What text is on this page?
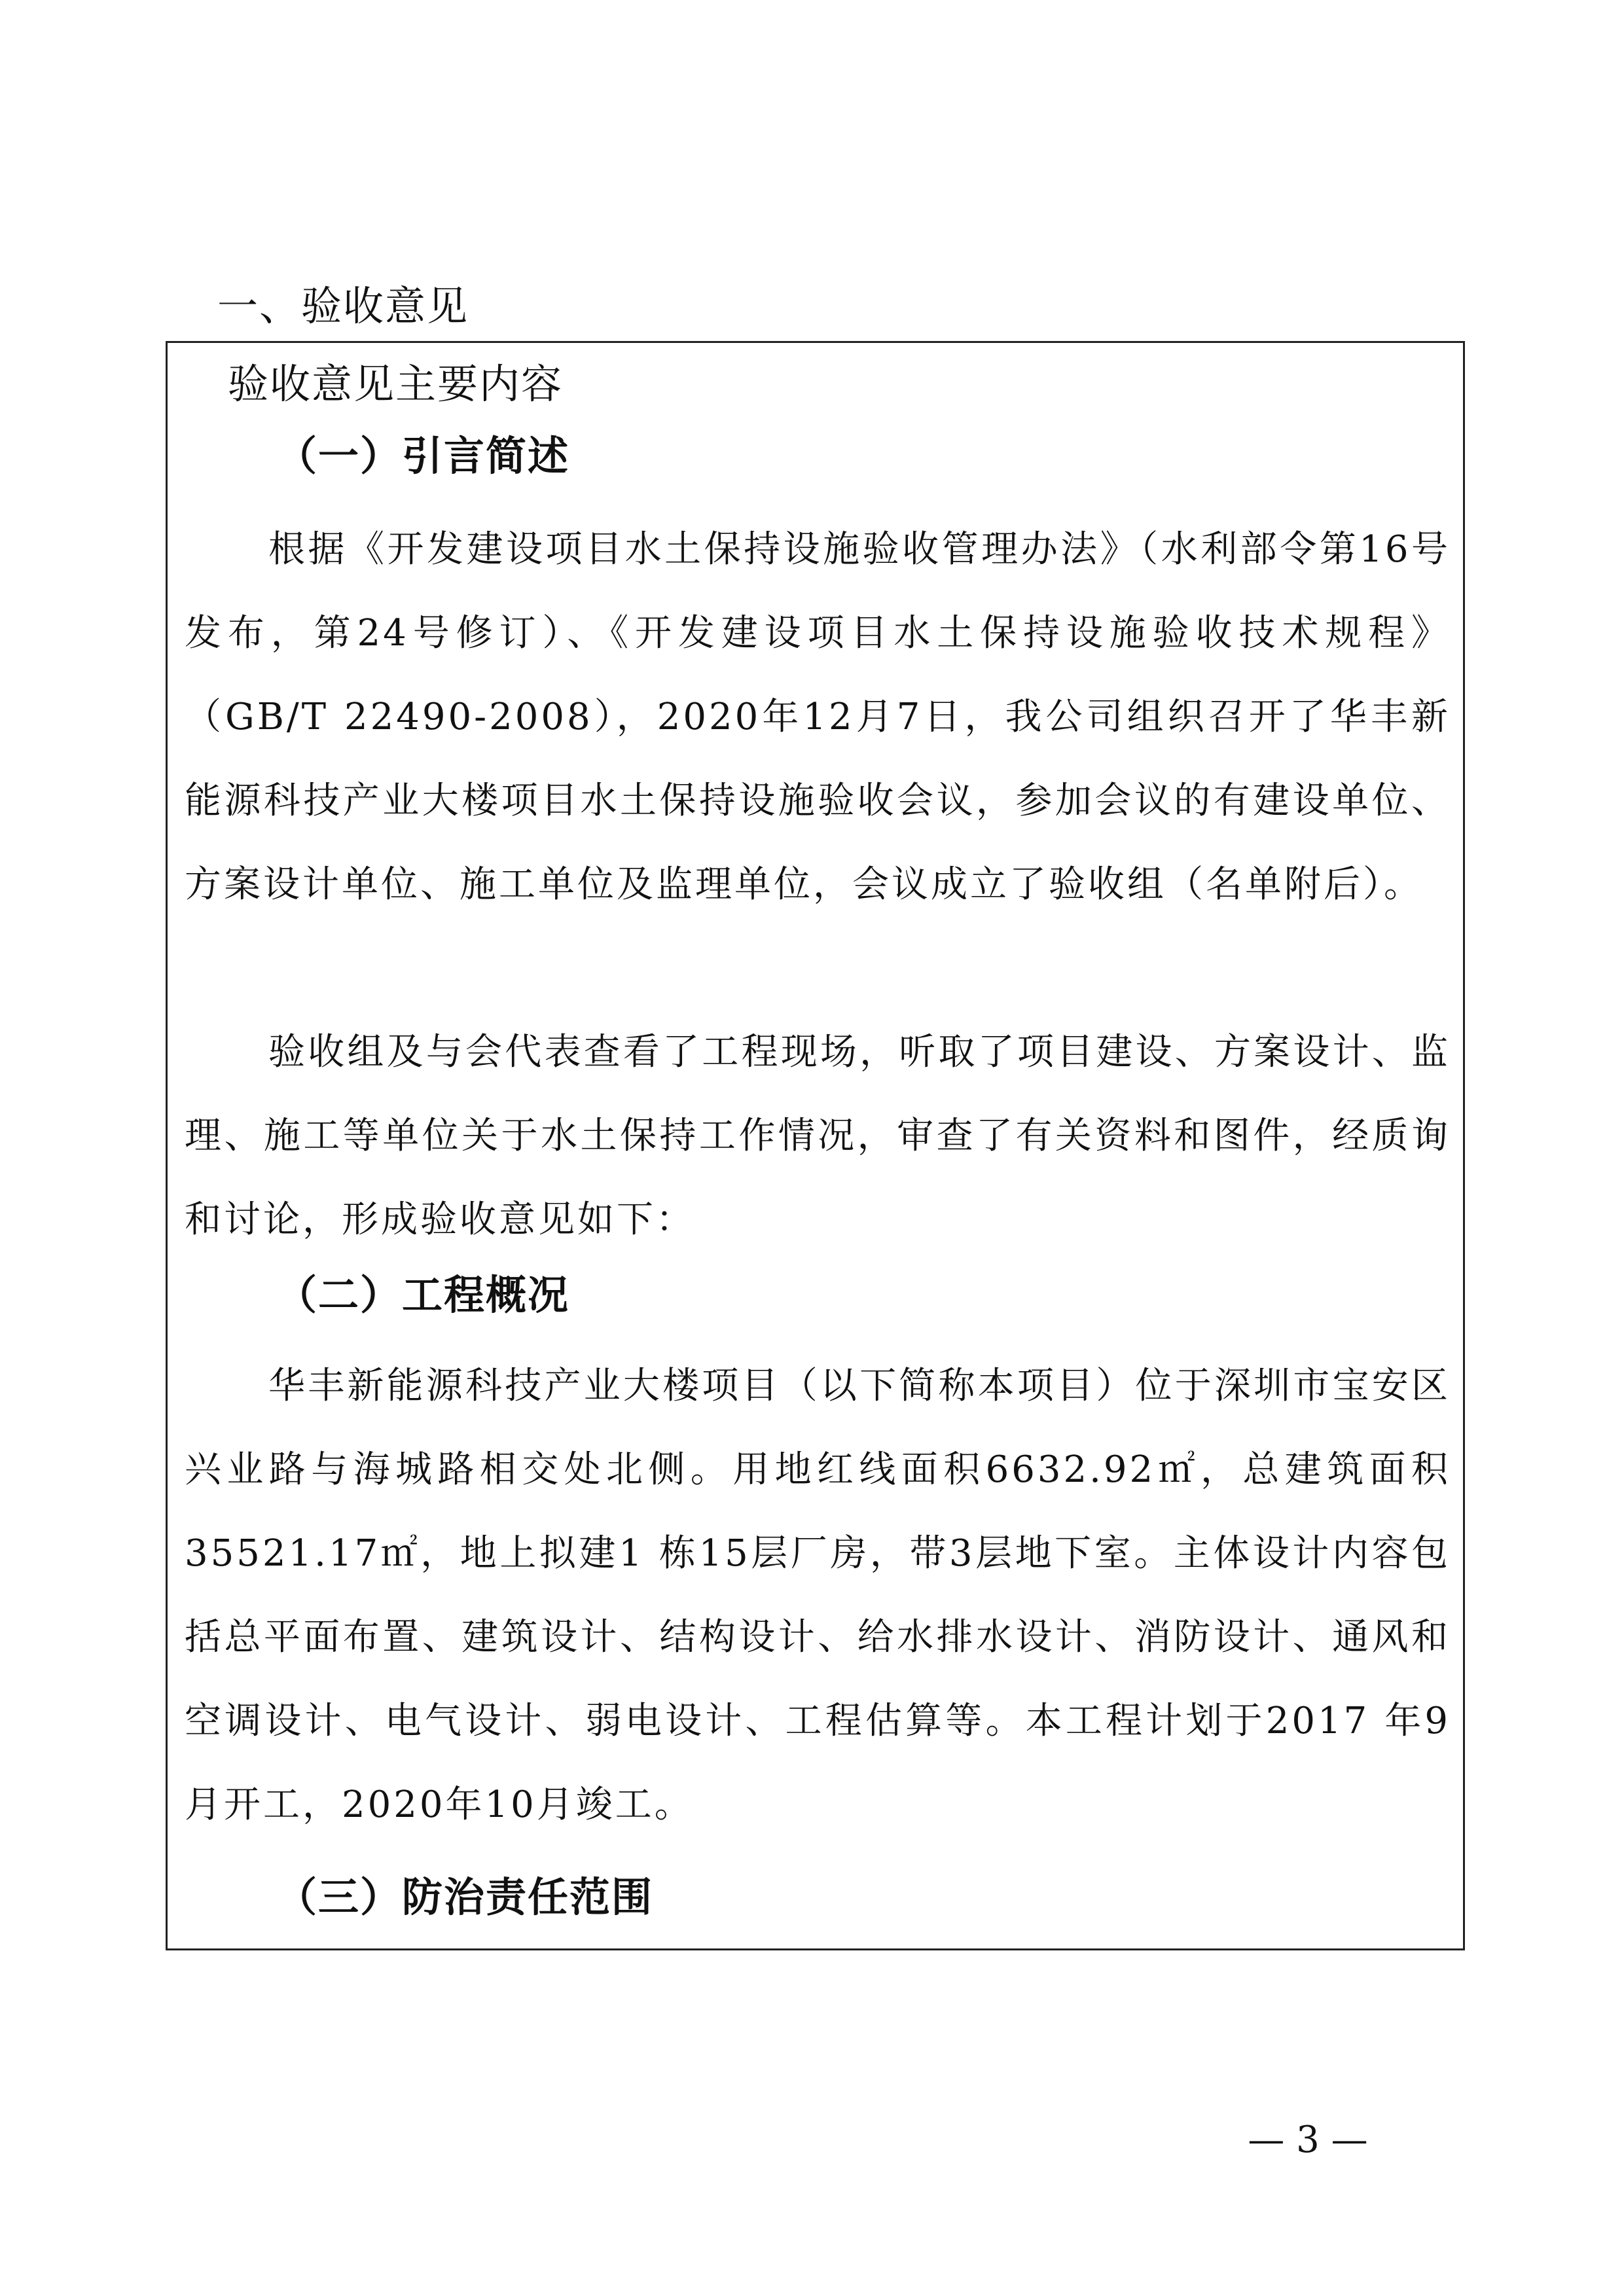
一、验收意见
验收意见主要内容
（一）引言简述

根据《开发建设项目水土保持设施验收管理办法》（水利部令第16号发布，第24号修订）、《开发建设项目水土保持设施验收技术规程》（GB/T 22490-2008），2020年12月7日，我公司组织召开了华丰新能源科技产业大楼项目水土保持设施验收会议，参加会议的有建设单位、方案设计单位、施工单位及监理单位，会议成立了验收组（名单附后）。

验收组及与会代表查看了工程现场，听取了项目建设、方案设计、监理、施工等单位关于水土保持工作情况，审查了有关资料和图件，经质询和讨论，形成验收意见如下：

（二）工程概况

华丰新能源科技产业大楼项目（以下简称本项目）位于深圳市宝安区兴业路与海城路相交处北侧。用地红线面积6632.92㎡，总建筑面积35521.17㎡，地上拟建1 栋15层厂房，带3层地下室。主体设计内容包括总平面布置、建筑设计、结构设计、给水排水设计、消防设计、通风和空调设计、电气设计、弱电设计、工程估算等。本工程计划于2017 年9月开工，2020年10月竣工。

（三）防治责任范围
— 3 —
